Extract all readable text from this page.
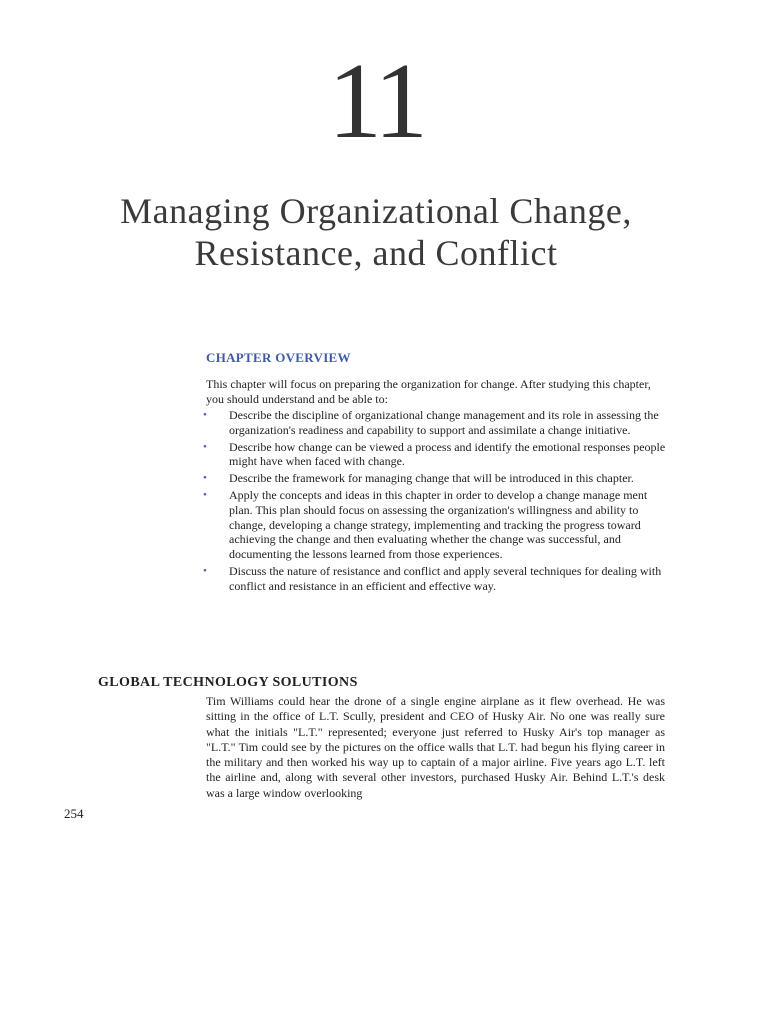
11
Managing Organizational Change,
Resistance, and Conflict
CHAPTER OVERVIEW

This chapter will focus on preparing the organization for change. After studying this chapter, you should understand and be able to:

• Describe the discipline of organizational change management and its role in assessing the organization's readiness and capability to support and assimilate a change initiative.
• Describe how change can be viewed a process and identify the emotional responses people might have when faced with change.
• Describe the framework for managing change that will be introduced in this chapter.
• Apply the concepts and ideas in this chapter in order to develop a change manage ment plan. This plan should focus on assessing the organization's willingness and ability to change, developing a change strategy, implementing and tracking the progress toward achieving the change and then evaluating whether the change was successful, and documenting the lessons learned from those experiences.
• Discuss the nature of resistance and conflict and apply several techniques for dealing with conflict and resistance in an efficient and effective way.
GLOBAL TECHNOLOGY SOLUTIONS

Tim Williams could hear the drone of a single engine airplane as it flew overhead. He was sitting in the office of L.T. Scully, president and CEO of Husky Air. No one was really sure what the initials "L.T." represented; everyone just referred to Husky Air's top manager as "L.T." Tim could see by the pictures on the office walls that L.T. had begun his flying career in the military and then worked his way up to captain of a major airline. Five years ago L.T. left the airline and, along with several other investors, purchased Husky Air. Behind L.T.'s desk was a large window overlooking

254
